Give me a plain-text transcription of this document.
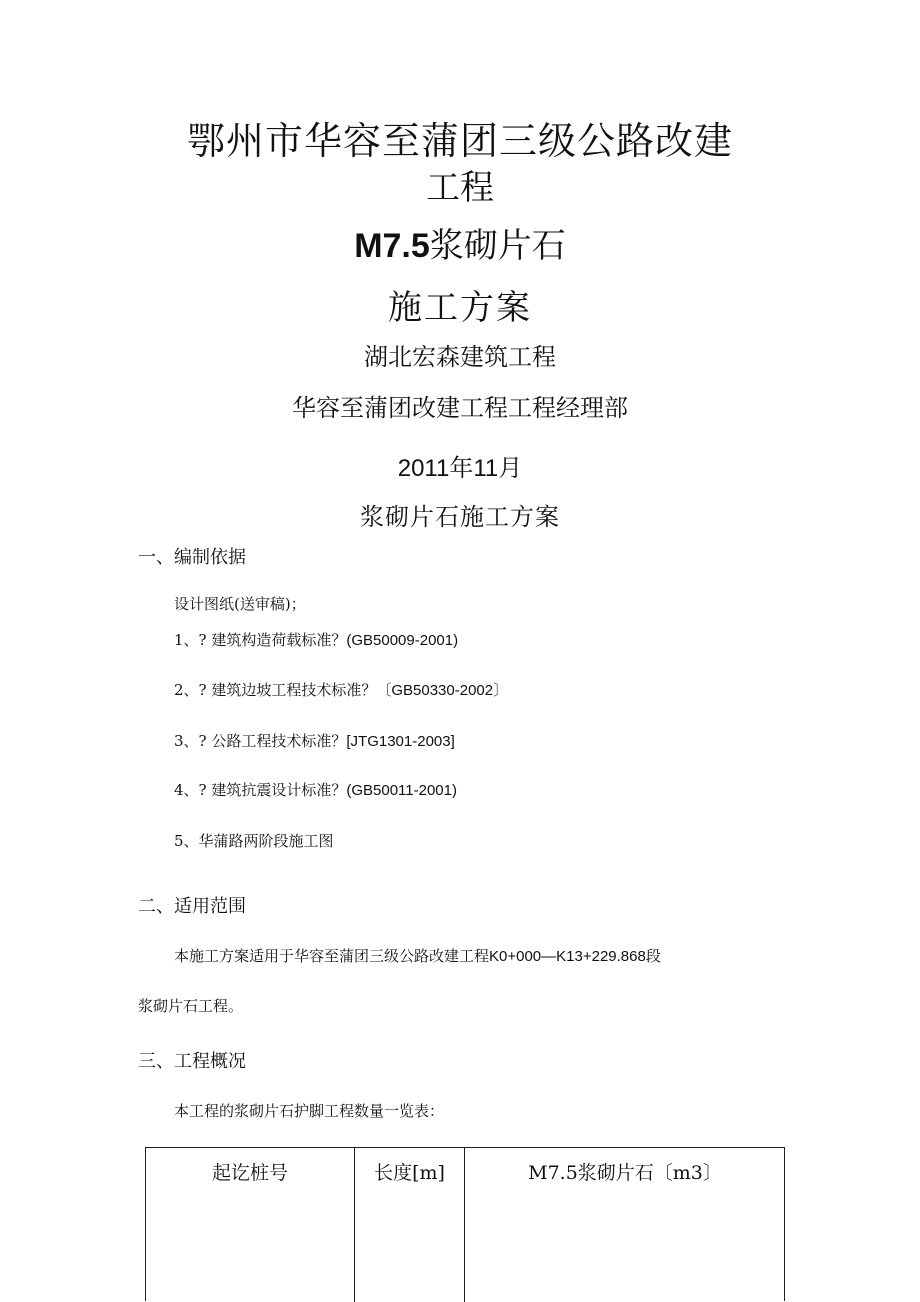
鄂州市华容至蒲团三级公路改建
工程
M7.5浆砌片石
施工方案
湖北宏森建筑工程
华容至蒲团改建工程工程经理部
2011年11月
浆砌片石施工方案
一、编制依据
设计图纸(送审稿)；
1、? 建筑构造荷载标准？(GB50009-2001)
2、? 建筑边坡工程技术标准？〔GB50330-2002〕
3、? 公路工程技术标准？[JTG1301-2003]
4、? 建筑抗震设计标准？(GB50011-2001)
5、华蒲路两阶段施工图
二、适用范围
本施工方案适用于华容至蒲团三级公路改建工程K0+000—K13+229.868段
浆砌片石工程。
三、工程概况
本工程的浆砌片石护脚工程数量一览表：
起讫桩号	长度[m]	M7.5浆砌片石〔m3〕
